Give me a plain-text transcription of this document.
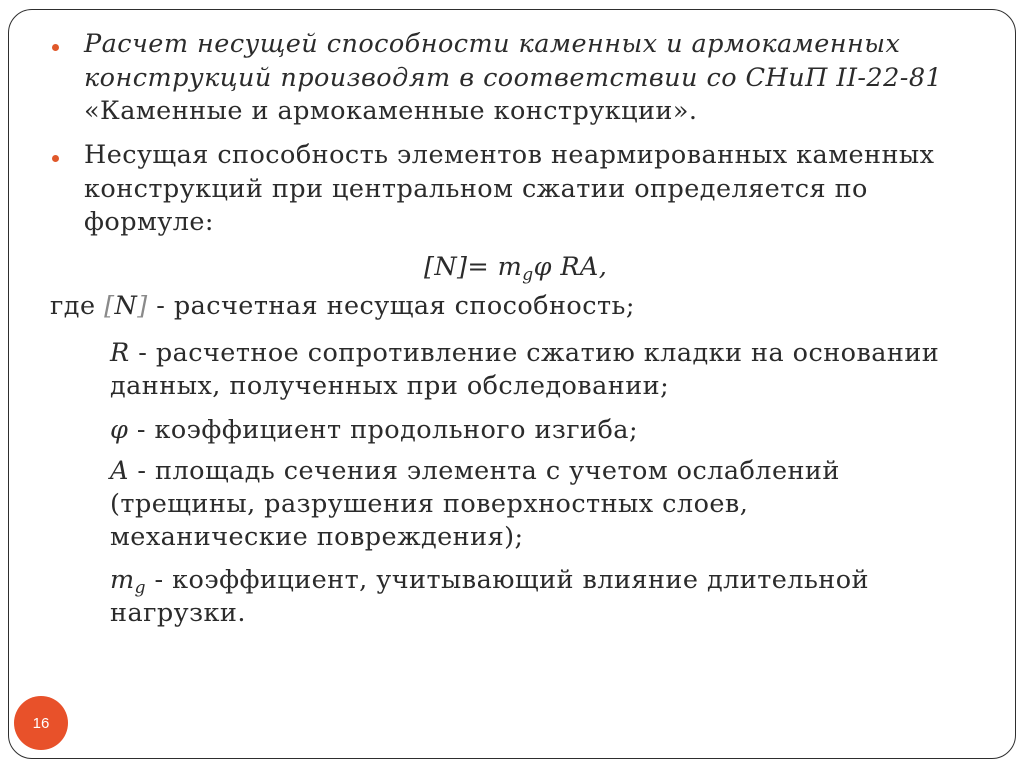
Расчет несущей способности каменных и армокаменных
конструкций производят в соответствии со СНиП II-22-81
«Каменные и армокаменные конструкции».
Несущая способность элементов неармированных каменных
конструкций при центральном сжатии определяется по
формуле:
$[N]= m_g\varphi$ RA,
где [N] - расчетная несущая способность;
R - расчетное сопротивление сжатию кладки на основании
данных, полученных при обследовании;
φ - коэффициент продольного изгиба;
A - площадь сечения элемента с учетом ослаблений
(трещины, разрушения поверхностных слоев,
механические повреждения);
$m_g$ - коэффициент, учитывающий влияние длительной
нагрузки.
16
